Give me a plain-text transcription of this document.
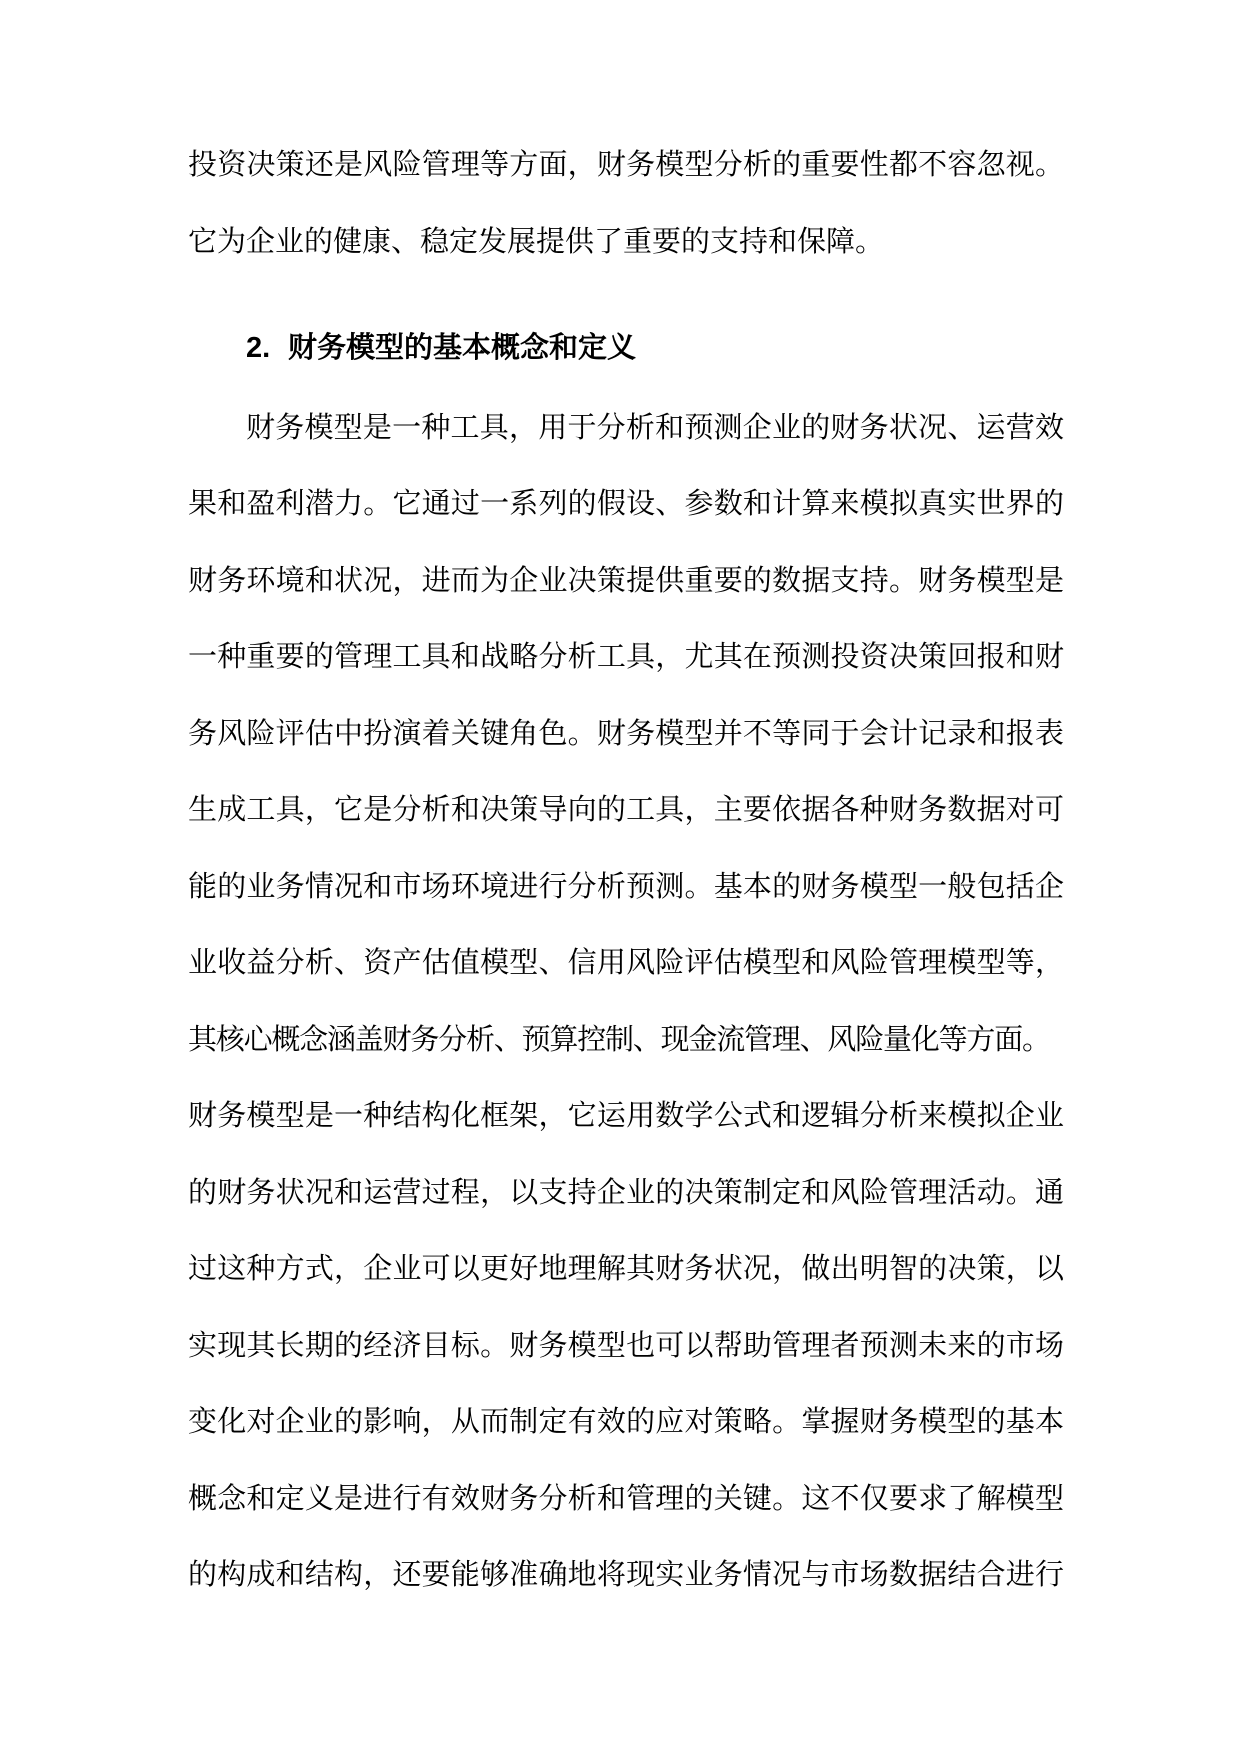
投资决策还是风险管理等方面，财务模型分析的重要性都不容忽视。
它为企业的健康、稳定发展提供了重要的支持和保障。
2. 财务模型的基本概念和定义
财务模型是一种工具，用于分析和预测企业的财务状况、运营效
果和盈利潜力。它通过一系列的假设、参数和计算来模拟真实世界的
财务环境和状况，进而为企业决策提供重要的数据支持。财务模型是
一种重要的管理工具和战略分析工具，尤其在预测投资决策回报和财
务风险评估中扮演着关键角色。财务模型并不等同于会计记录和报表
生成工具，它是分析和决策导向的工具，主要依据各种财务数据对可
能的业务情况和市场环境进行分析预测。基本的财务模型一般包括企
业收益分析、资产估值模型、信用风险评估模型和风险管理模型等，
其核心概念涵盖财务分析、预算控制、现金流管理、风险量化等方面。
财务模型是一种结构化框架，它运用数学公式和逻辑分析来模拟企业
的财务状况和运营过程，以支持企业的决策制定和风险管理活动。通
过这种方式，企业可以更好地理解其财务状况，做出明智的决策，以
实现其长期的经济目标。财务模型也可以帮助管理者预测未来的市场
变化对企业的影响，从而制定有效的应对策略。掌握财务模型的基本
概念和定义是进行有效财务分析和管理的关键。这不仅要求了解模型
的构成和结构，还要能够准确地将现实业务情况与市场数据结合进行
